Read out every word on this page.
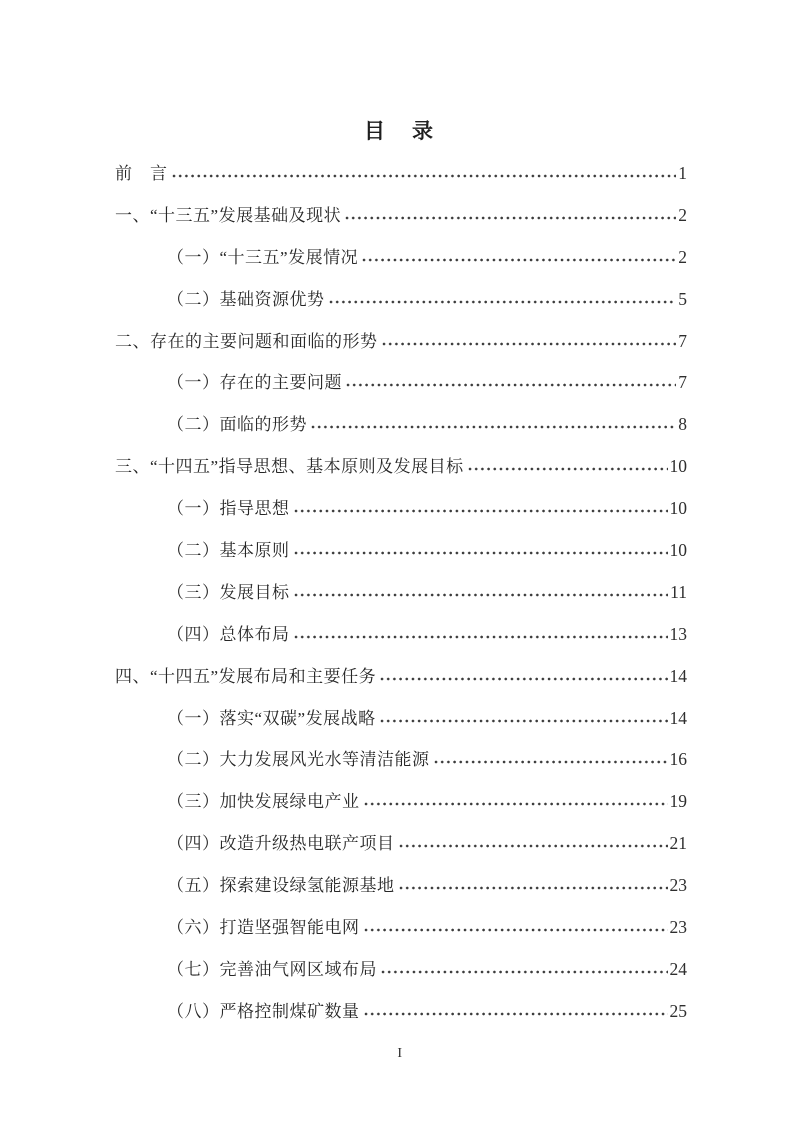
目　录
前　言	1
一、“十三五”发展基础及现状	2
（一）“十三五”发展情况	2
（二）基础资源优势	5
二、存在的主要问题和面临的形势	7
（一）存在的主要问题	7
（二）面临的形势	8
三、“十四五”指导思想、基本原则及发展目标	10
（一）指导思想	10
（二）基本原则	10
（三）发展目标	11
（四）总体布局	13
四、“十四五”发展布局和主要任务	14
（一）落实“双碳”发展战略	14
（二）大力发展风光水等清洁能源	16
（三）加快发展绿电产业	19
（四）改造升级热电联产项目	21
（五）探索建设绿氢能源基地	23
（六）打造坚强智能电网	23
（七）完善油气网区域布局	24
（八）严格控制煤矿数量	25
I
